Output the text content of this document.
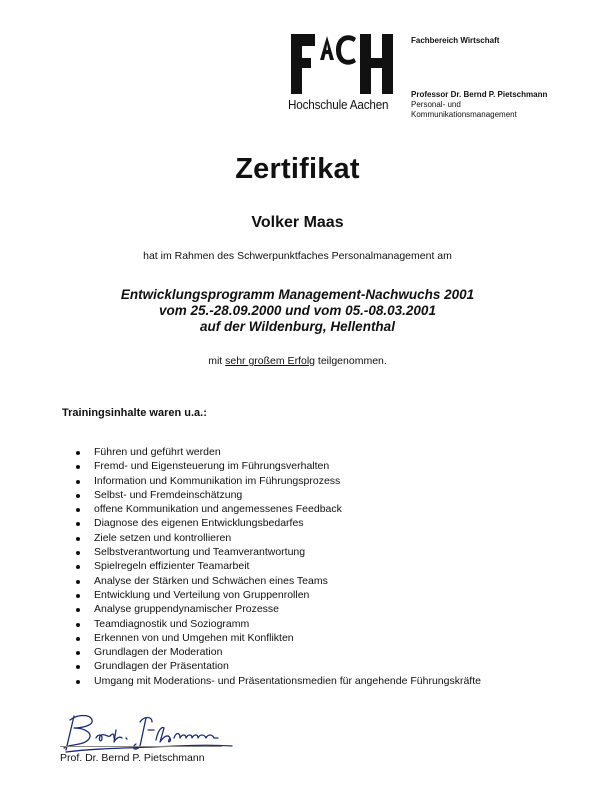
Hochschule Aachen
Fachbereich Wirtschaft
Professor Dr. Bernd P. Pietschmann
Personal- und
Kommunikationsmanagement
Zertifikat
Volker Maas
hat im Rahmen des Schwerpunktfaches Personalmanagement am
Entwicklungsprogramm Management-Nachwuchs 2001
vom 25.-28.09.2000 und vom 05.-08.03.2001
auf der Wildenburg, Hellenthal
mit sehr großem Erfolg teilgenommen.
Trainingsinhalte waren u.a.:
Führen und geführt werden
Fremd- und Eigensteuerung im Führungsverhalten
Information und Kommunikation im Führungsprozess
Selbst- und Fremdeinschätzung
offene Kommunikation und angemessenes Feedback
Diagnose des eigenen Entwicklungsbedarfes
Ziele setzen und kontrollieren
Selbstverantwortung und Teamverantwortung
Spielregeln effizienter Teamarbeit
Analyse der Stärken und Schwächen eines Teams
Entwicklung und Verteilung von Gruppenrollen
Analyse gruppendynamischer Prozesse
Teamdiagnostik und Soziogramm
Erkennen von und Umgehen mit Konflikten
Grundlagen der Moderation
Grundlagen der Präsentation
Umgang mit Moderations- und Präsentationsmedien für angehende Führungskräfte
Prof. Dr. Bernd P. Pietschmann
